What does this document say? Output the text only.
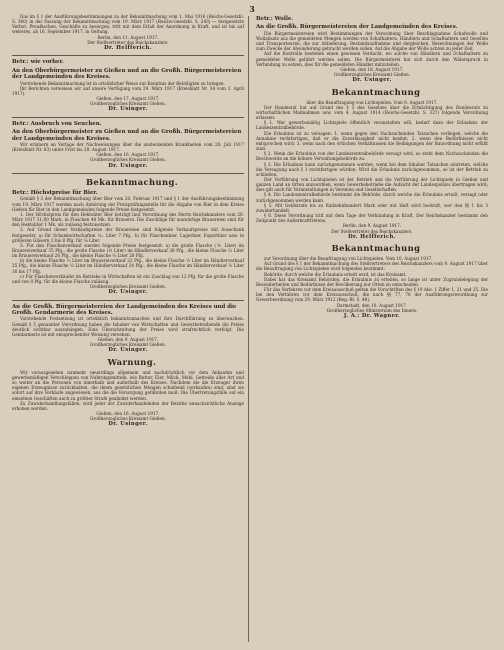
3

Das im § 1 der Ausführungsbestimmungen zu der Bekanntmachung vom 1. Mai 1916 (Reichs-Gesetzbl. S. 360) in der Fassung der Bekanntmachung vom 19. März 1917 (Reichs-Gesetzbl. S. 243) — festgesetzte Verbot, Preußischen, Geschäfte zu besorgen, tritt mit dem Erlaß der Anordnung in Kraft, und ist bis auf weiteres, ab 16. September 1917, in Geltung.

Berlin, den 11. August 1917.

Der Stellvertreter des Reichskanzlers.

Dr. Helfferich.

Betr.: wie vorher.

An den Oberbürgermeister zu Gießen und an die Großh. Bürgermeistereien der Landgemeinden des Kreises.

Vorstehende Bekanntmachung ist in ortsüblicher Weise zur Kenntnis der Beteiligten zu bringen.

Ihr Berichten verweisen wir auf unsere Verfügung vom 29. März 1917 (Kreisblatt Nr. 34 vom 3. April 1917).

Gießen, den 17. August 1917.

Großherzogliches Kreisamt Gießen.

Dr. Usinger.

Betr.: Ausbruch von Seuchen.

An den Oberbürgermeister zu Gießen und an die Großh. Bürgermeistereien der Landgemeinden des Kreises.

Wir erinnern an Vorlage der Nachweisungen über die ansteckenden Krankheiten vom 20. Juli 1917 (Kreisblatt Nr. 83) unter Frist bis 28. August 1917.

Gießen, den 16. August 1917.

Großherzogliches Kreisamt Gießen.

Dr. Usinger.

Bekanntmachung.

Betr.: Höchstpreise für Bier.

Gemäß § 3 der Bekanntmachung über Bier vom 20. Februar 1917 und § 1 der Ausführungsbestimmung vom 19. März 1917 werden nach Anhörung der Preisprüfungsstelle für die Abgabe von Bier in dem Kreise Gießen für Bier in den Landgemeinden folgende Preise festgesetzt.

1. Der Höchstpreis für den Hektoliter Bier beträgt laut Verordnung des Herrn Reichskanzlers vom 20. März 1917 31,60 Mark, in Flaschen 40 Mk. für Brauerei. Die Zuschläge für auswärtige Brauereien sind für den Hektoliter 1 Mk. als zulässig festzusetzen.

2. Auf Grund dieser Verkaufspreise der Brauereien sind folgende Verkaufspreise mit Ausschank festgesetzt: a) für Schankwirtschaften ⅒ Liter 7 Pfg., b) für Flaschenbier, Lagerbier, Exportbier usw. in größeren Gläsern 3 bis 8 Pfg. für ¼ Liter.

3. Für den Flaschenverkauf werden folgende Preise festgesetzt: a) die große Flasche (⅗ Liter) im Brauereiverkauf 35 Pfg., die große Flasche (½ Liter) im Händlerverkauf 38 Pfg., die kleine Flasche ⅓ Liter im Brauereiverkauf 26 Pfg., die kleine Flasche ⅓ Liter 28 Pfg.

b) die kleine Flasche ⅓ Liter im Brauereiverkauf 22 Pfg., die kleine Flasche ⅓ Liter im Händlerverkauf 25 Pfg., die kleine Flasche ⅓ Liter im Händlerverkauf 24 Pfg., die kleine Flasche im Händlerverkauf ⅓ Liter 16 bis 17 Pfg.

c) Für Flaschenverkäufer im Betriebe in Wirtschaften ist ein Zuschlag von 12 Pfg. für die große Flasche und von 8 Pfg. für die kleine Flasche zulässig.

Großherzogliches Kreisamt Gießen.

Dr. Usinger.

An die Großh. Bürgermeistereien der Landgemeinden des Kreises und die Großh. Gendarmerie des Kreises.

Vorstehende Festsetzung ist ortsüblich bekanntzumachen und ihre Durchführung zu überwachen. Gemäß § 5 genannter Verordnung haben die Inhaber von Wirtschaften und Gewerbetreibende die Preise deutlich sichtbar auszuhängen. Eine Überschreitung der Preise wird strafrechtlich verfolgt. Die Gendarmerie ist mit entsprechender Weisung versehen.

Gießen, den 9. August 1917.

Großherzogliches Kreisamt Gießen.

Dr. Usinger.

Warnung.

Wir vorausgesehen nunmehr neuerdings allgemein und nachdrücklich vor dem Ankaufen und gewerbsmäßigen Verschleppen von Nahrungsmitteln, wie Butter, Eier, Milch, Mehl, Getreide aller Art und so weiter an die Personen von innerhalb und außerhalb des Kreises. Nachdem die die Erzeuger ihren eigenen Erzeugnisse zurückhalten, die ihnen gesetzlichen Mengen schiebend (verkaufen) sind, sind sie sofort auf ihre Verkäufe angewiesen, aus die die Versorgung gefährden muß. Die Übertretungsfälle auf ein einzelnen Geschäften auch zu größter Strafe geahndet werden.

Zu Zuwiderhandlungsfällen, wird jeder der Zuwiderhandelnden der Bezirke unnachsichtliche Anzeige erhoben werden.

Gießen, den 16. August 1917.

Großherzogliches Kreisamt Gießen.

Dr. Usinger.

Betr.: Wolle.

An die Großh. Bürgermeistereien der Landgemeinden des Kreises.

Die Bürgermeistereien wird Bestimmungen der Verordnung über Beschlagnahme Schafwolle und Wollabsatz aus die gemeldeten Mengen werden von Schafhaltern, Händlern und Schafhaltern und Gesellen und Transporteuren, die zur Ablieferung, Bestandsaufnahme und dergleichen, Bezeichnungen der Wolle zum Zwecke der Absonderung gebracht werden sollen. Auf die Abgabe der Wolle achten zu jeder Zeit.

Auf die Kontrolle bestehen einen gewissen Verdacht, wo solche von Händlern und Schafhaltern zu gemeldeter Wolle geführt werden sollen. Die Bürgermeisterei hat sich durch den Widerspruch in Verbindung zu setzen, dies für die gemeldeten Händler mitzuteilen.

Gießen, den 18. August 1917.

Großherzogliches Kreisamt Gießen.

Dr. Usinger.

Bekanntmachung

über die Beauftragung von Lichtspielen. Vom 9. August 1917.

Der Bundesrat hat auf Grund des § 3 des Gesetzes über die Ermächtigung des Bundesrats zu wirtschaftlichen Maßnahmen usw. vom 4. August 1914 (Reichs-Gesetzbl. S. 327) folgende Verordnung erlassen:

§ 1. Wer gewerbsmäßig Lichtspiele öffentlich veranstalten will, bedarf dazu der Erlaubnis der Landeszentralbehörde.

Die Erlaubnis ist zu versagen: 1. wenn gegen den Nachsuchenden Tatsachen vorliegen, welche die Annahme rechtfertigen, daß er die Zuverlässigkeit nicht besitzt; 2. wenn den Bedürfnissen nicht entsprochen wird; 3. wenn nach den örtlichen Verhältnissen die Bedingungen der Bauordnung nicht erfüllt sind.

§ 2. Wenn die Erlaubnis von der Landeszentralbehörde versagt wird, so steht dem Nachsuchenden die Beschwerde an die höhere Verwaltungsbehörde zu.

§ 3. Die Erlaubnis kann zurückgenommen werden, wenn bei dem Inhaber Tatsachen eintreten, welche die Versagung nach § 1 rechtfertigen würden. Wird die Erlaubnis zurückgenommen, so ist der Betrieb zu schließen.

Der Vorführung von Lichtspielen ist der Betrieb und die Vorführung der Lichtspiele in Gießen und ganzen Land an Orten anzuordnen, wenn Gewerbebetriebe die Aufsicht der Landespolizei übertragen wird; dies gilt auch für Veranstaltungen in Vereinen und Gesellschaften.

§ 4. Die Landeszentralbehörde bestimmt die Behörde, durch welche die Erlaubnis erteilt, versagt oder zurückgenommen werden kann.

§ 5. Mit Geldstrafe bis zu fünfzehnhundert Mark oder mit Haft wird bestraft, wer den §§ 1 bis 3 zuwiderhandelt.

§ 6. Diese Verordnung tritt mit dem Tage der Verkündung in Kraft. Der Reichskanzler bestimmt den Zeitpunkt des Außerkrafttretens.

Berlin, den 9. August 1917.

Der Stellvertreter des Reichskanzlers.

Dr. Helfferich.

Bekanntmachung

zur Verordnung über die Beauftragung von Lichtspielen. Vom 10. August 1917.

Auf Grund des § 1 der Bekanntmachung des Stellvertreters des Reichskanzlers vom 9. August 1917 über die Beauftragung von Lichtspielen wird folgendes bestimmt:

Behörde, durch welche die Erlaubnis erteilt wird, ist das Kreisamt.

Dabei hat das Kreisamt Behörden, die Erlaubnis zu erteilen, so lange ist unter Zugrundelegung der Besonderheiten und Bedürfnisse der Bevölkerung nur Orten zu entscheiden.

Für das Verfahren vor dem Kreisausschuß gelten die Vorschriften des § 19 Abs. 1 Ziffer 1, 21 und 25. Die bei den Verfahren vor dem Kreisausschuß, die nach §§ 77, 78 der Ausführungsverordnung zur Gewerbeordnung vom 29. März 1912 (Reg.-Bl. S. 48).

Darmstadt, den 10. August 1917.

Großherzogliches Ministerium des Innern.

J. A.: Dr. Wagner.
